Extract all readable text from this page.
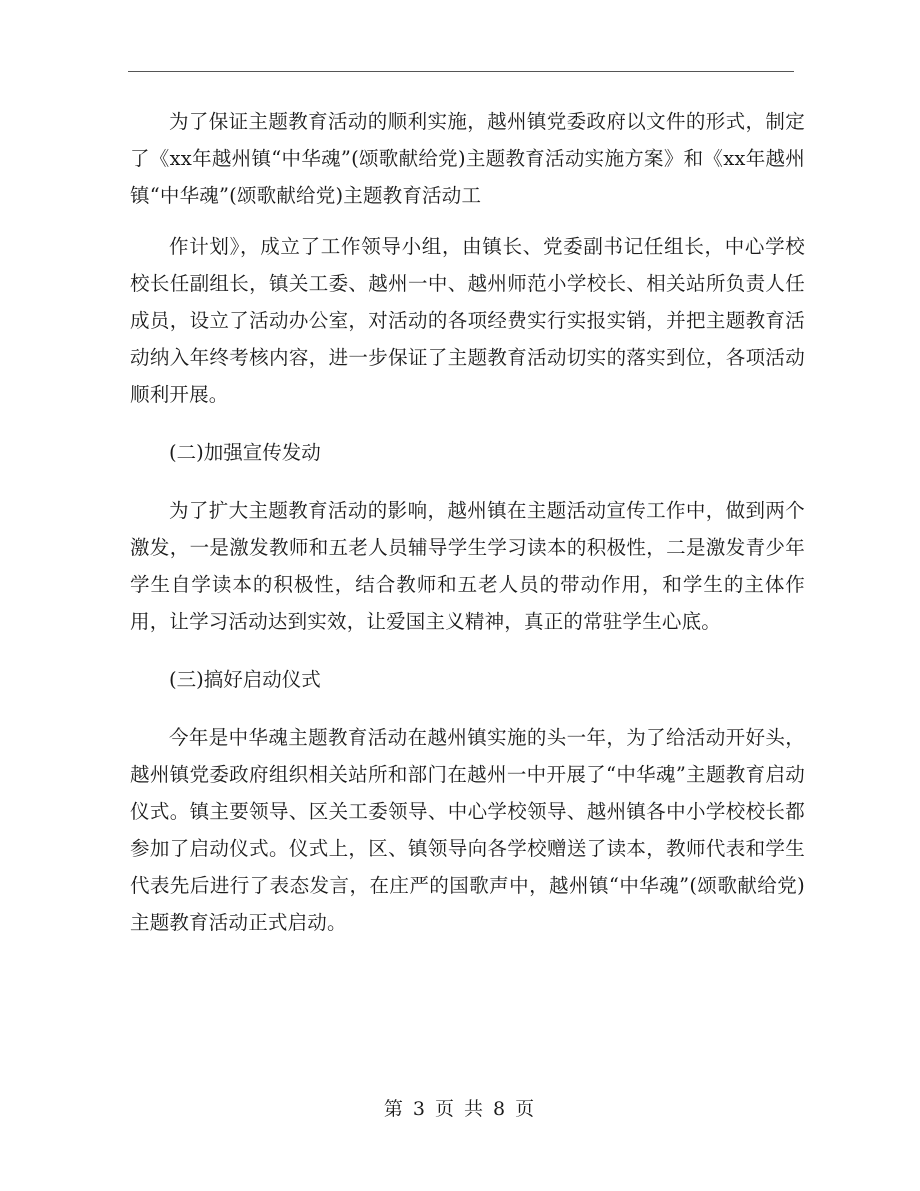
为了保证主题教育活动的顺利实施，越州镇党委政府以文件的形式，制定了《xx年越州镇“中华魂”(颂歌献给党)主题教育活动实施方案》和《xx年越州镇“中华魂”(颂歌献给党)主题教育活动工

作计划》，成立了工作领导小组，由镇长、党委副书记任组长，中心学校校长任副组长，镇关工委、越州一中、越州师范小学校长、相关站所负责人任成员，设立了活动办公室，对活动的各项经费实行实报实销，并把主题教育活动纳入年终考核内容，进一步保证了主题教育活动切实的落实到位，各项活动顺利开展。

(二)加强宣传发动

为了扩大主题教育活动的影响，越州镇在主题活动宣传工作中，做到两个激发，一是激发教师和五老人员辅导学生学习读本的积极性，二是激发青少年学生自学读本的积极性，结合教师和五老人员的带动作用，和学生的主体作用，让学习活动达到实效，让爱国主义精神，真正的常驻学生心底。

(三)搞好启动仪式

今年是中华魂主题教育活动在越州镇实施的头一年，为了给活动开好头，越州镇党委政府组织相关站所和部门在越州一中开展了“中华魂”主题教育启动仪式。镇主要领导、区关工委领导、中心学校领导、越州镇各中小学校校长都参加了启动仪式。仪式上，区、镇领导向各学校赠送了读本，教师代表和学生代表先后进行了表态发言，在庄严的国歌声中，越州镇“中华魂”(颂歌献给党)主题教育活动正式启动。

第 3 页 共 8 页
